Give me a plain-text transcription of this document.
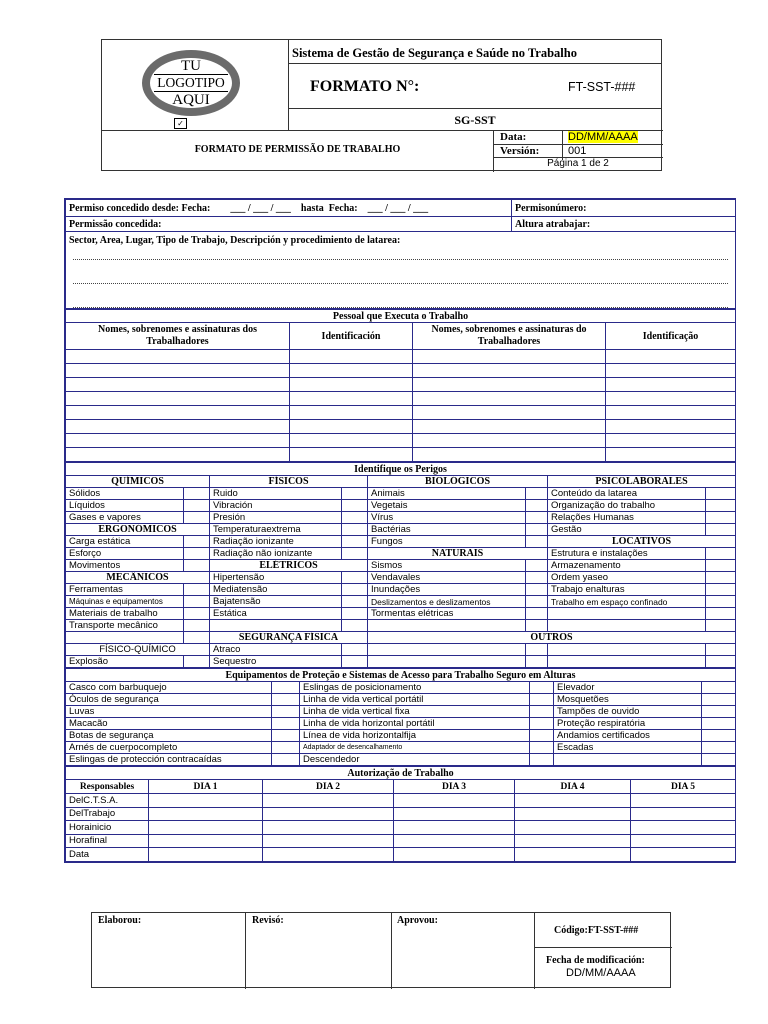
TU
LOGOTIPO
AQUI
✓
Sistema de Gestão de Segurança e Saúde no Trabalho
FORMATO N°:	FT-SST-###
SG-SST
FORMATO DE PERMISSÃO DE TRABALHO
Data:	DD/MM/AAAA
Versión:	001
Página 1 de 2
Permiso concedido desde: Fecha:        ___ / ___ / ___    hasta  Fecha:    ___ / ___ / ___	Permisonúmero:
Permissão concedida:	Altura atrabajar:

Sector, Area, Lugar, Tipo de Trabajo, Descripción y procedimiento de latarea:	
Pessoal que Executa o Trabalho			
Nomes, sobrenomes e assinaturas dos Trabalhadores	Identificación	Nomes, sobrenomes e assinaturas do Trabalhadores	Identificação

Identifique os Perigos							
QUÍMICOS		FÍSICOS		BIOLÓGICOS		PSICOLABORALES	
Sólidos		Ruido		Animais		Conteúdo da latarea	
Líquidos		Vibración		Vegetais		Organização do trabalho	
Gases e vapores		Presión		Vírus		Relações Humanas	
ERGONÓMICOS		Temperaturaextrema		Bactérias		Gestão	
Carga estática		Radiação ionizante		Fungos		LOCATIVOS	
Esforço		Radiação não ionizante		NATURAIS		Estrutura e instalações	
Movimentos		ELÉTRICOS		Sismos		Armazenamento	
MECÂNICOS		Hipertensão		Vendavales		Ordem yaseo	
Ferramentas		Mediatensão		Inundações		Trabajo enalturas	
Máquinas e equipamentos		Bajatensão		Deslizamentos e deslizamentos		Trabalho em espaço confinado	
Materiais de trabalho		Estática		Tormentas elétricas			
Transporte mecânico							
		SEGURANÇA FÍSICA		OUTROS			
FÍSICO-QUÍMICO		Atraco					
Explosão		Sequestro					
Equipamentos de Proteção e Sistemas de Acesso para Trabalho Seguro em Alturas					
Casco com barbuquejo		Eslingas de posicionamento		Elevador	
Óculos de segurança		Linha de vida vertical portátil		Mosquetões	
Luvas		Linha de vida vertical fixa		Tampões de ouvido	
Macacão		Linha de vida horizontal portátil		Proteção respiratória	
Botas de segurança		Línea de vida horizontalfija		Andamios certificados	
Arnés de cuerpocompleto		Adaptador de desencalhamento		Escadas	
Eslingas de protección contracaídas		Descendedor			
Autorização de Trabalho					
Responsables	DIA 1	DIA 2	DIA 3	DIA 4	DIA 5
DelC.T.S.A.					
DelTrabajo					
Horainicio					
Horafinal					
Data					
Elaborou:	Revisó:	Aprovou:
Código:FT-SST-###
Fecha de modificación:
DD/MM/AAAA
